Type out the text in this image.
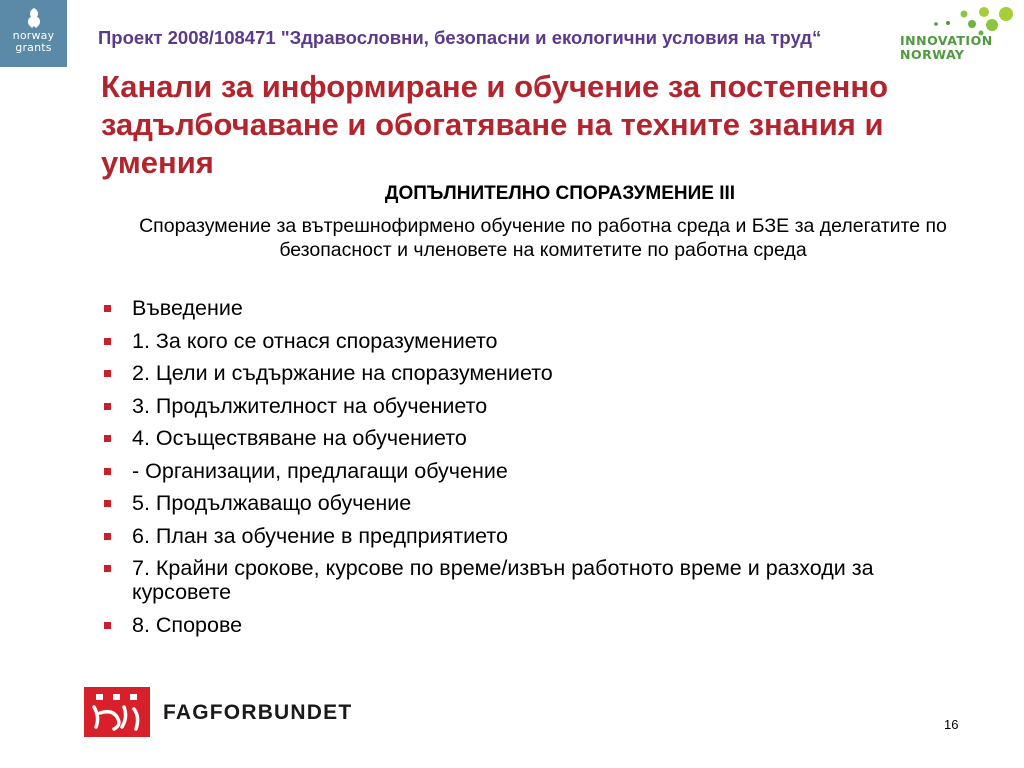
norway
grants	Проект 2008/108471 "Здравословни, безопасни и екологични условия на труд“	INNOVATION
NORWAY
Канали за информиране и обучение за постепенно задълбочаване и обогатяване на техните знания и умения
ДОПЪЛНИТЕЛНО СПОРАЗУМЕНИЕ III
Споразумение за вътрешнофирмено обучение по работна среда и БЗЕ за делегатите по безопасност и членовете на комитетите по работна среда
Въведение
1. За кого се отнася споразумението
2. Цели и съдържание на споразумението
3. Продължителност на обучението
4. Осъществяване на обучението
- Организации, предлагащи обучение
5. Продължаващо обучение
6. План за обучение в предприятието
7. Крайни срокове, курсове по време/извън работното време и разходи за курсовете
8. Спорове
FAGFORBUNDET
16
